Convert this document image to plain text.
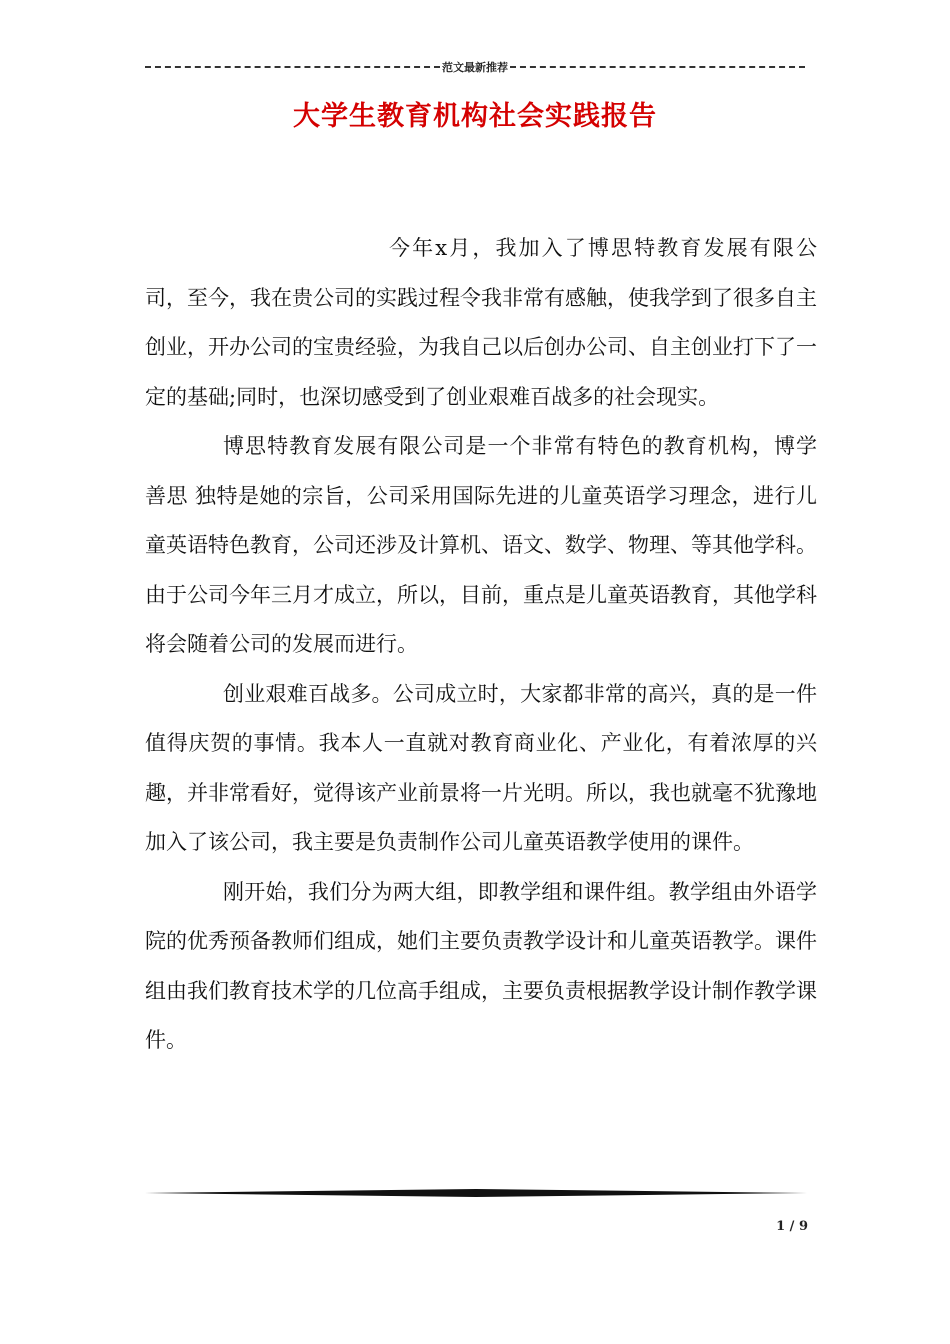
范文最新推荐
大学生教育机构社会实践报告

今年x月，我加入了博思特教育发展有限公司，至今，我在贵公司的实践过程令我非常有感触，使我学到了很多自主创业，开办公司的宝贵经验，为我自己以后创办公司、自主创业打下了一定的基础;同时，也深切感受到了创业艰难百战多的社会现实。

博思特教育发展有限公司是一个非常有特色的教育机构，博学 善思 独特是她的宗旨，公司采用国际先进的儿童英语学习理念，进行儿童英语特色教育，公司还涉及计算机、语文、数学、物理、等其他学科。由于公司今年三月才成立，所以，目前，重点是儿童英语教育，其他学科将会随着公司的发展而进行。

创业艰难百战多。公司成立时，大家都非常的高兴，真的是一件值得庆贺的事情。我本人一直就对教育商业化、产业化，有着浓厚的兴趣，并非常看好，觉得该产业前景将一片光明。所以，我也就毫不犹豫地加入了该公司，我主要是负责制作公司儿童英语教学使用的课件。

刚开始，我们分为两大组，即教学组和课件组。教学组由外语学院的优秀预备教师们组成，她们主要负责教学设计和儿童英语教学。课件组由我们教育技术学的几位高手组成，主要负责根据教学设计制作教学课件。

1 / 9
